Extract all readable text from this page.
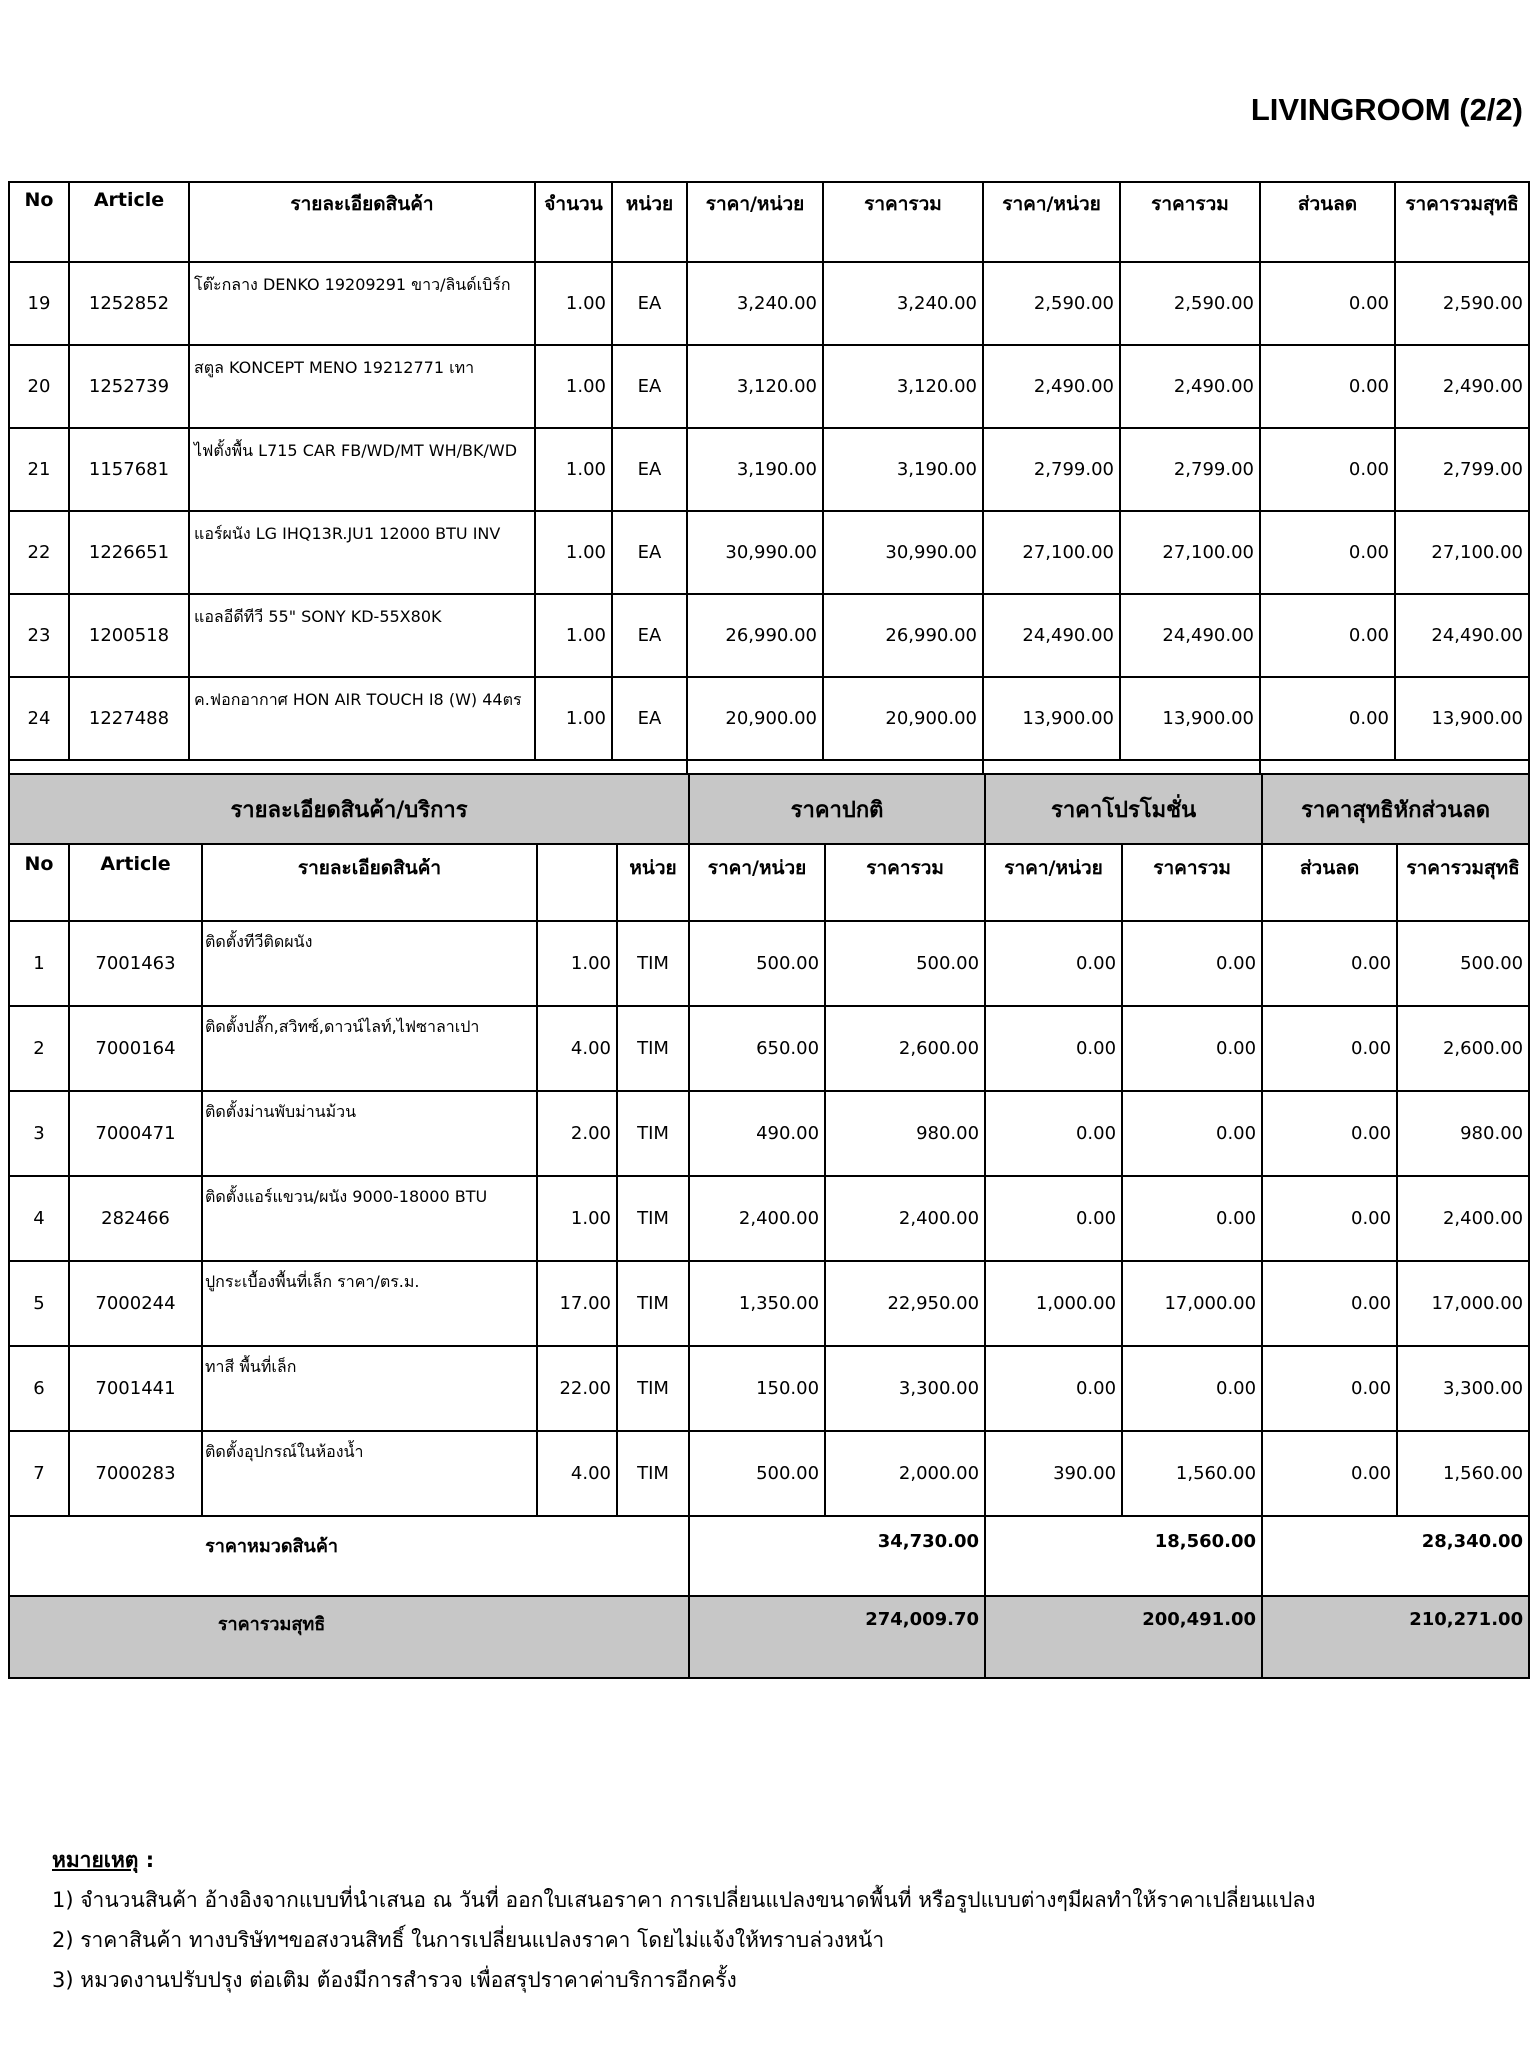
LIVINGROOM (2/2)
No	Article	รายละเอียดสินค้า	จำนวน	หน่วย	ราคา/หน่วย	ราคารวม	ราคา/หน่วย	ราคารวม	ส่วนลด	ราคารวมสุทธิ
19	1252852	โต๊ะกลาง DENKO 19209291 ขาว/ลินด์เบิร์ก	1.00	EA	3,240.00	3,240.00	2,590.00	2,590.00	0.00	2,590.00
20	1252739	สตูล KONCEPT MENO 19212771 เทา	1.00	EA	3,120.00	3,120.00	2,490.00	2,490.00	0.00	2,490.00
21	1157681	ไฟตั้งพื้น L715 CAR FB/WD/MT WH/BK/WD	1.00	EA	3,190.00	3,190.00	2,799.00	2,799.00	0.00	2,799.00
22	1226651	แอร์ผนัง LG IHQ13R.JU1 12000 BTU INV	1.00	EA	30,990.00	30,990.00	27,100.00	27,100.00	0.00	27,100.00
23	1200518	แอลอีดีทีวี 55" SONY KD-55X80K	1.00	EA	26,990.00	26,990.00	24,490.00	24,490.00	0.00	24,490.00
24	1227488	ค.ฟอกอากาศ HON AIR TOUCH I8 (W) 44ตร	1.00	EA	20,900.00	20,900.00	13,900.00	13,900.00	0.00	13,900.00

รายละเอียดสินค้า/บริการ					ราคาปกติ		ราคาโปรโมชั่น		ราคาสุทธิหักส่วนลด	
No	Article	รายละเอียดสินค้า		หน่วย	ราคา/หน่วย	ราคารวม	ราคา/หน่วย	ราคารวม	ส่วนลด	ราคารวมสุทธิ
1	7001463	ติดตั้งทีวีติดผนัง	1.00	TIM	500.00	500.00	0.00	0.00	0.00	500.00
2	7000164	ติดตั้งปลั๊ก,สวิทซ์,ดาวน์ไลท์,ไฟซาลาเปา	4.00	TIM	650.00	2,600.00	0.00	0.00	0.00	2,600.00
3	7000471	ติดตั้งม่านพับม่านม้วน	2.00	TIM	490.00	980.00	0.00	0.00	0.00	980.00
4	282466	ติดตั้งแอร์แขวน/ผนัง 9000-18000 BTU	1.00	TIM	2,400.00	2,400.00	0.00	0.00	0.00	2,400.00
5	7000244	ปูกระเบื้องพื้นที่เล็ก ราคา/ตร.ม.	17.00	TIM	1,350.00	22,950.00	1,000.00	17,000.00	0.00	17,000.00
6	7001441	ทาสี พื้นที่เล็ก	22.00	TIM	150.00	3,300.00	0.00	0.00	0.00	3,300.00
7	7000283	ติดตั้งอุปกรณ์ในห้องน้ำ	4.00	TIM	500.00	2,000.00	390.00	1,560.00	0.00	1,560.00
ราคาหมวดสินค้า					34,730.00		18,560.00		28,340.00	
ราคารวมสุทธิ					274,009.70		200,491.00		210,271.00	
หมายเหตุ :
1) จำนวนสินค้า อ้างอิงจากแบบที่นำเสนอ ณ วันที่ ออกใบเสนอราคา การเปลี่ยนแปลงขนาดพื้นที่ หรือรูปแบบต่างๆมีผลทำให้ราคาเปลี่ยนแปลง
2) ราคาสินค้า ทางบริษัทฯขอสงวนสิทธิ์ ในการเปลี่ยนแปลงราคา โดยไม่แจ้งให้ทราบล่วงหน้า
3) หมวดงานปรับปรุง ต่อเติม ต้องมีการสำรวจ เพื่อสรุปราคาค่าบริการอีกครั้ง
